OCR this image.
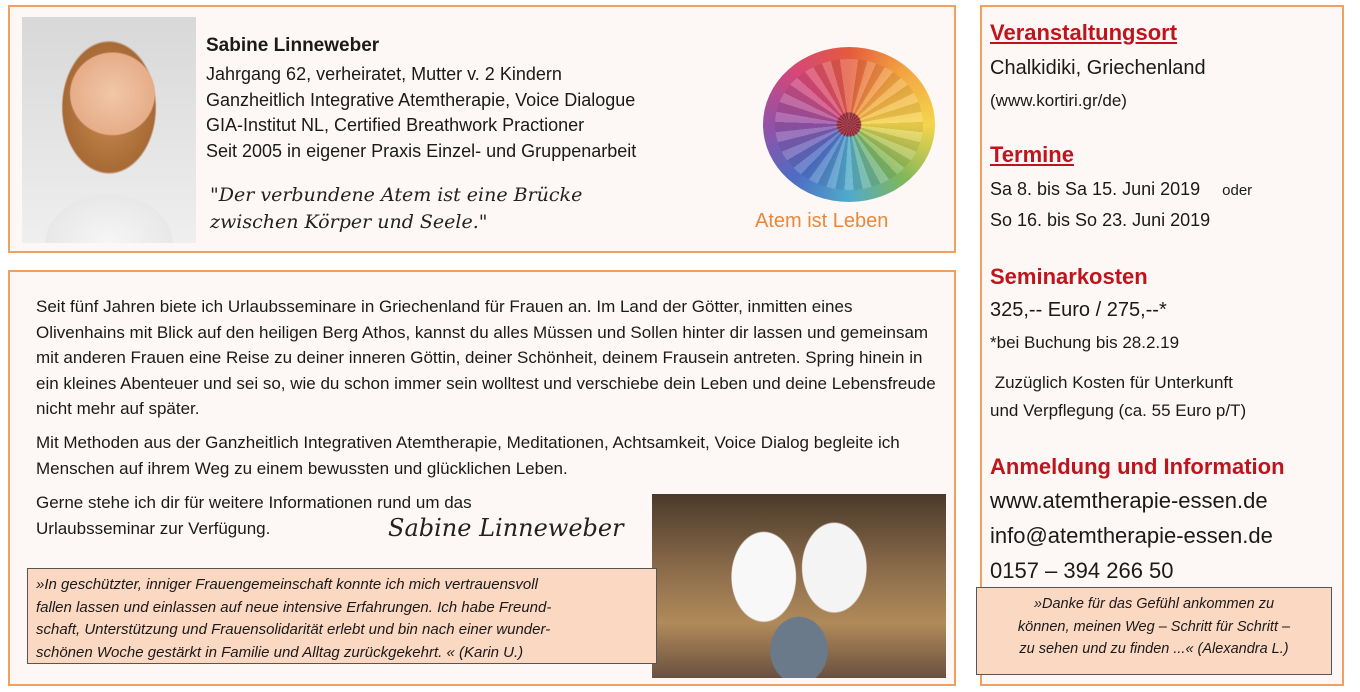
Sabine Linneweber
Jahrgang 62, verheiratet, Mutter v. 2 Kindern
Ganzheitlich Integrative Atemtherapie, Voice Dialogue
GIA-Institut NL, Certified Breathwork Practioner
Seit 2005 in eigener Praxis Einzel- und Gruppenarbeit
"Der verbundene Atem ist eine Brücke
zwischen Körper und Seele."	Atem ist Leben
Seit fünf Jahren biete ich Urlaubsseminare in Griechenland für Frauen an. Im Land der Götter, inmitten eines Olivenhains mit Blick auf den heiligen Berg Athos, kannst du alles Müssen und Sollen hinter dir lassen und gemeinsam mit anderen Frauen eine Reise zu deiner inneren Göttin, deiner Schönheit, deinem Frausein antreten. Spring hinein in ein kleines Abenteuer und sei so, wie du schon immer sein wolltest und verschiebe dein Leben und deine Lebensfreude nicht mehr auf später.
Mit Methoden aus der Ganzheitlich Integrativen Atemtherapie, Meditationen, Achtsamkeit, Voice Dialog begleite ich Menschen auf ihrem Weg zu einem bewussten und glücklichen Leben.
Gerne stehe ich dir für weitere Informationen rund um das
Urlaubsseminar zur Verfügung.	Sabine Linneweber
»In geschützter, inniger Frauengemeinschaft konnte ich mich vertrauensvoll
fallen lassen und einlassen auf neue intensive Erfahrungen. Ich habe Freund-
schaft, Unterstützung und Frauensolidarität erlebt und bin nach einer wunder-
schönen Woche gestärkt in Familie und Alltag zurückgekehrt. « (Karin U.)
Veranstaltungsort
Chalkidiki, Griechenland
(www.kortiri.gr/de)
Termine
Sa 8. bis Sa 15. Juni 2019 oder
So 16. bis So 23. Juni 2019
Seminarkosten
325,-- Euro / 275,--*
*bei Buchung bis 28.2.19
Zuzüglich Kosten für Unterkunft
und Verpflegung (ca. 55 Euro p/T)
Anmeldung und Information
www.atemtherapie-essen.de
info@atemtherapie-essen.de
0157 – 394 266 50
»Danke für das Gefühl ankommen zu
können, meinen Weg – Schritt für Schritt –
zu sehen und zu finden ...« (Alexandra L.)
